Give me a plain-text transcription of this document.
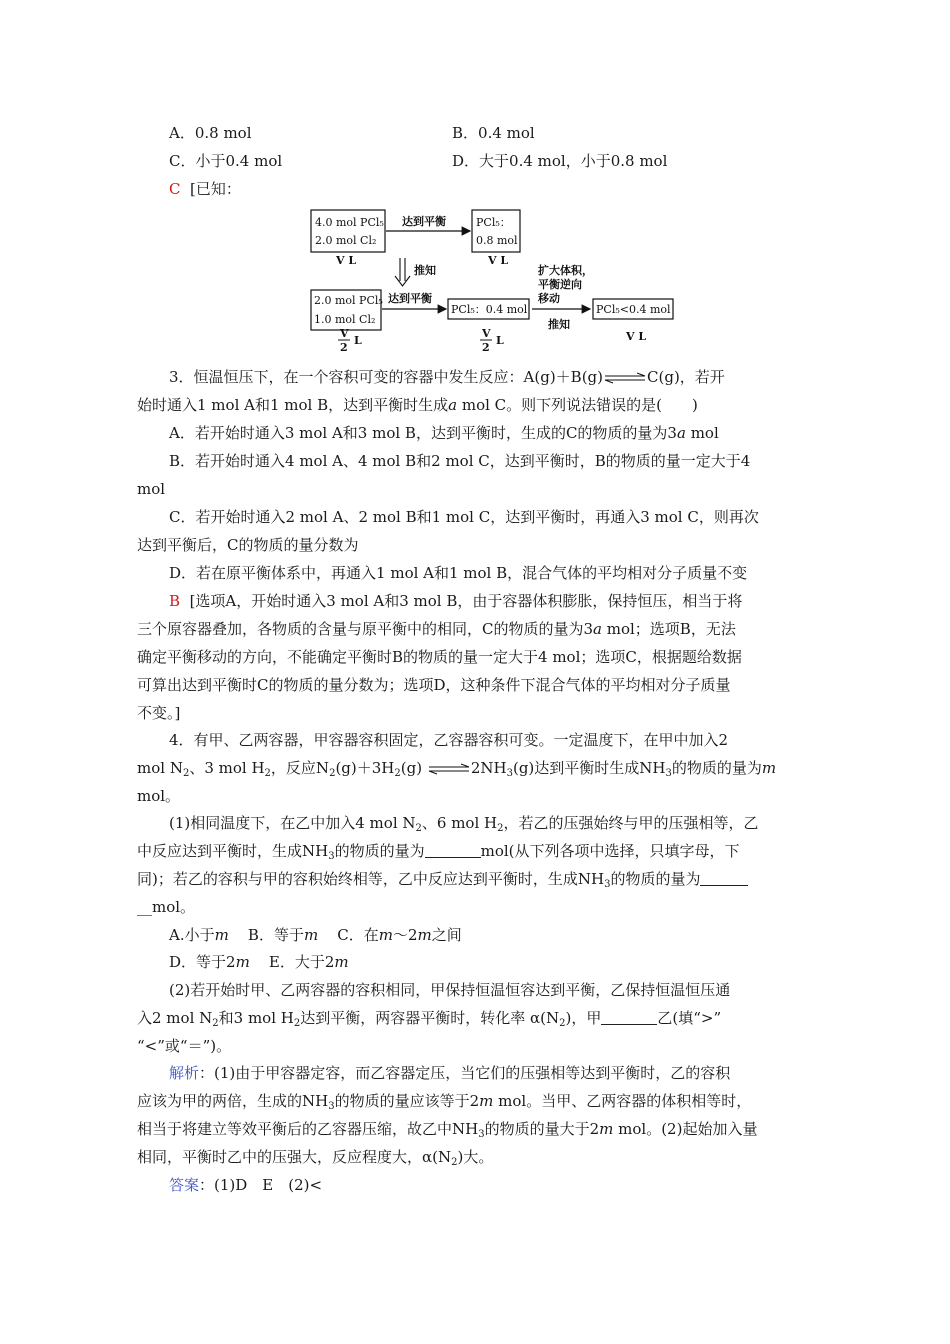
A．0.8 mol	B．0.4 mol
C．小于0.4 mol	D．大于0.4 mol，小于0.8 mol
C [已知：
4.0 mol PCl₅
2.0 mol Cl₂
V L
达到平衡	PCl₅：
0.8 mol
V L
推知
2.0 mol PCl₅
1.0 mol Cl₂
V
2
L
达到平衡
PCl₅：0.4 mol
V
2
L
扩大体积，
平衡逆向
移动
推知
PCl₅<0.4 mol
V L
3．恒温恒压下，在一个容积可变的容器中发生反应：A(g)＋B(g)⇌C(g)，若开
始时通入1 mol A和1 mol B，达到平衡时生成a mol C。则下列说法错误的是(　　)
A．若开始时通入3 mol A和3 mol B，达到平衡时，生成的C的物质的量为3a mol
B．若开始时通入4 mol A、4 mol B和2 mol C，达到平衡时，B的物质的量一定大于4
mol
C．若开始时通入2 mol A、2 mol B和1 mol C，达到平衡时，再通入3 mol C，则再次
达到平衡后，C的物质的量分数为
D．若在原平衡体系中，再通入1 mol A和1 mol B，混合气体的平均相对分子质量不变
B [选项A，开始时通入3 mol A和3 mol B，由于容器体积膨胀，保持恒压，相当于将
三个原容器叠加，各物质的含量与原平衡中的相同，C的物质的量为3a mol；选项B，无法
确定平衡移动的方向，不能确定平衡时B的物质的量一定大于4 mol；选项C，根据题给数据
可算出达到平衡时C的物质的量分数为；选项D，这种条件下混合气体的平均相对分子质量
不变。]
4．有甲、乙两容器，甲容器容积固定，乙容器容积可变。一定温度下，在甲中加入2
mol $N_2$、3 mol $H_2$，反应$N_2(g)+3H_2(g)$ $\rightleftharpoons 2NH_3(g)$达到平衡时生成$NH_3$的物质的量为m
mol。
(1)相同温度下，在乙中加入4 mol $N_2$、6 mol $H_2$，若乙的压强始终与甲的压强相等，乙
中反应达到平衡时，生成$NH_3$的物质的量为	mol(从下列各项中选择，只填字母，下
同)；若乙的容积与甲的容积始终相等，乙中反应达到平衡时，生成$NH_3$的物质的量为
__mol。
A.小于m B．等于m C．在m～2m之间
D．等于2m E．大于2m
(2)若开始时甲、乙两容器的容积相同，甲保持恒温恒容达到平衡，乙保持恒温恒压通
入2 mol $N_2$和3 mol $H_2$达到平衡，两容器平衡时，转化率 $\alpha(N_2)$，甲	乙(填“>”
“<”或“＝”)。
解析：(1)由于甲容器定容，而乙容器定压，当它们的压强相等达到平衡时，乙的容积
应该为甲的两倍，生成的$NH_3$的物质的量应该等于2m mol。当甲、乙两容器的体积相等时，
相当于将建立等效平衡后的乙容器压缩，故乙中$NH_3$的物质的量大于2m mol。(2)起始加入量
相同，平衡时乙中的压强大，反应程度大，$\alpha(N_2)$大。
答案：(1)D　E　(2)<
